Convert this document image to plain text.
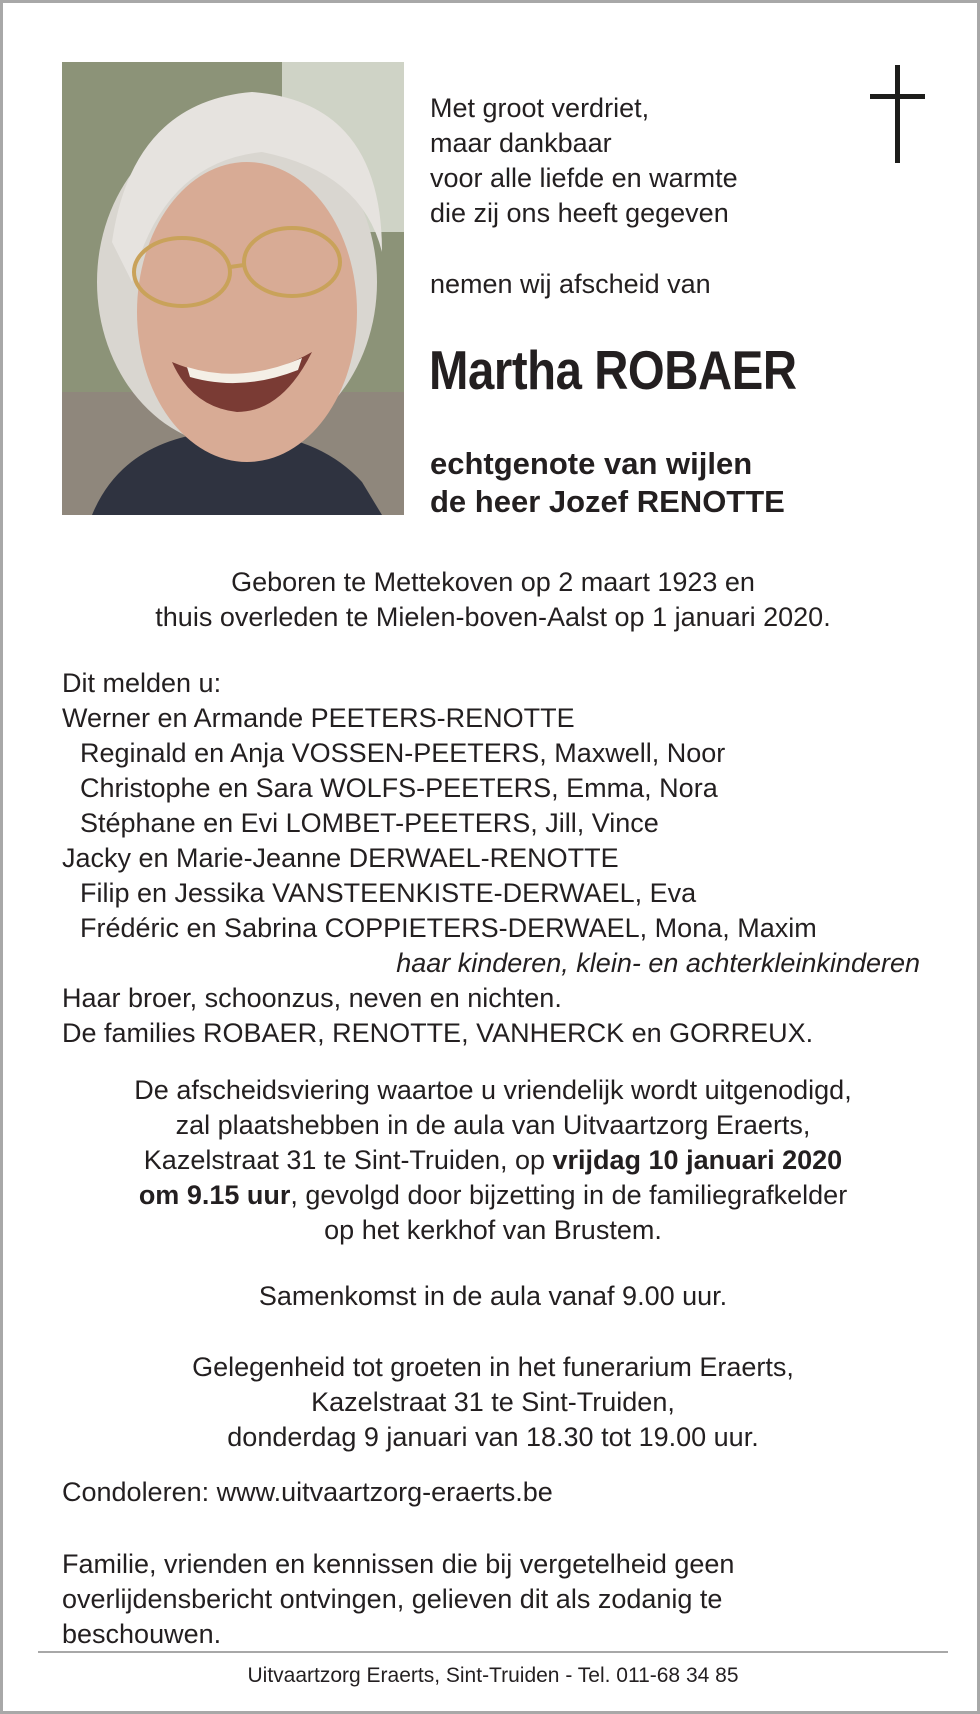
Met groot verdriet,
maar dankbaar
voor alle liefde en warmte
die zij ons heeft gegeven
nemen wij afscheid van
Martha ROBAER
echtgenote van wijlen
de heer Jozef RENOTTE
Geboren te Mettekoven op 2 maart 1923 en
thuis overleden te Mielen-boven-Aalst op 1 januari 2020.
Dit melden u:
Werner en Armande PEETERS-RENOTTE
Reginald en Anja VOSSEN-PEETERS, Maxwell, Noor
Christophe en Sara WOLFS-PEETERS, Emma, Nora
Stéphane en Evi LOMBET-PEETERS, Jill, Vince
Jacky en Marie-Jeanne DERWAEL-RENOTTE
Filip en Jessika VANSTEENKISTE-DERWAEL, Eva
Frédéric en Sabrina COPPIETERS-DERWAEL, Mona, Maxim
haar kinderen, klein- en achterkleinkinderen
Haar broer, schoonzus, neven en nichten.
De families ROBAER, RENOTTE, VANHERCK en GORREUX.
De afscheidsviering waartoe u vriendelijk wordt uitgenodigd,
zal plaatshebben in de aula van Uitvaartzorg Eraerts,
Kazelstraat 31 te Sint-Truiden, op vrijdag 10 januari 2020
om 9.15 uur, gevolgd door bijzetting in de familiegrafkelder
op het kerkhof van Brustem.
Samenkomst in de aula vanaf 9.00 uur.
Gelegenheid tot groeten in het funerarium Eraerts,
Kazelstraat 31 te Sint-Truiden,
donderdag 9 januari van 18.30 tot 19.00 uur.
Condoleren: www.uitvaartzorg-eraerts.be
Familie, vrienden en kennissen die bij vergetelheid geen
overlijdensbericht ontvingen, gelieven dit als zodanig te
beschouwen.
Uitvaartzorg Eraerts, Sint-Truiden - Tel. 011-68 34 85
